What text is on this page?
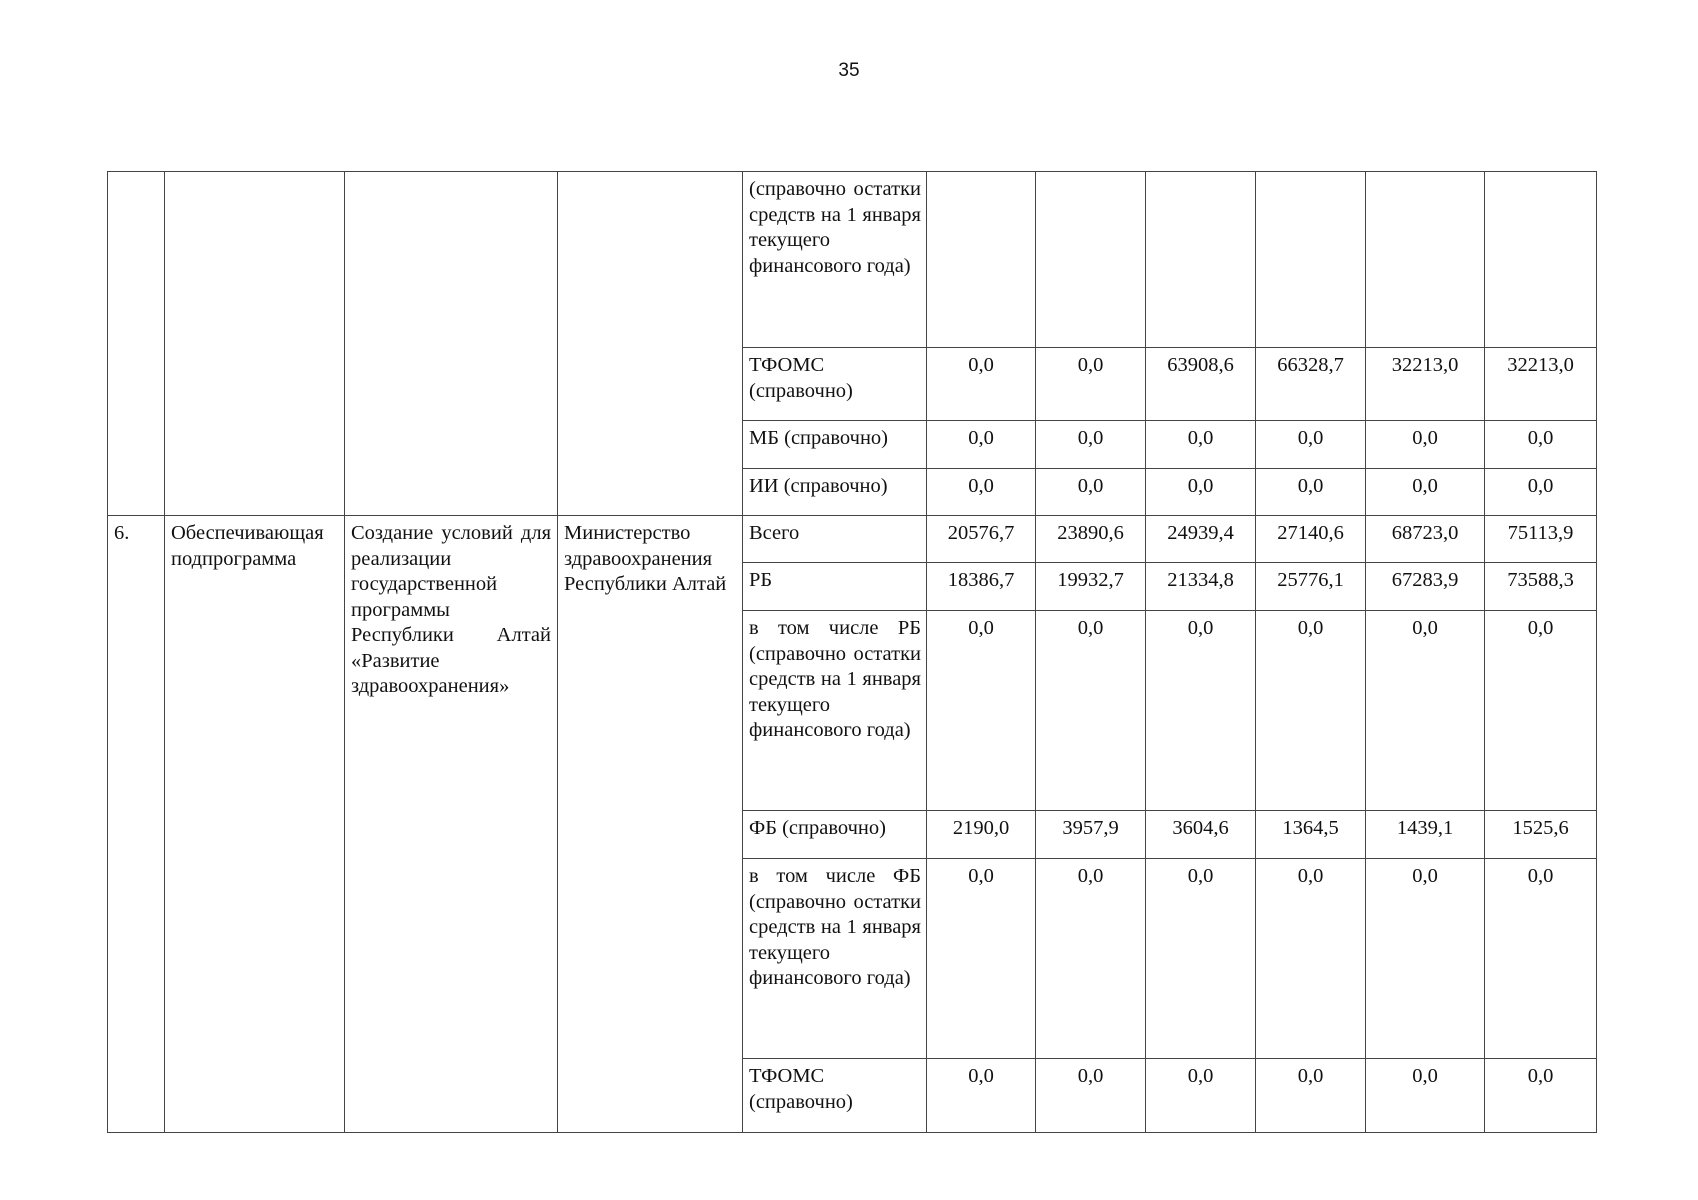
35
				(справочно остатки средств на 1 января текущего финансового года)						
				ТФОМС (справочно)	0,0	0,0	63908,6	66328,7	32213,0	32213,0
				МБ (справочно)	0,0	0,0	0,0	0,0	0,0	0,0
				ИИ (справочно)	0,0	0,0	0,0	0,0	0,0	0,0
6.	Обеспечивающая подпрограмма	Создание условий для реализации государственной программы Республики Алтай «Развитие здравоохранения»	Министерство здравоохранения Республики Алтай	Всего	20576,7	23890,6	24939,4	27140,6	68723,0	75113,9
				РБ	18386,7	19932,7	21334,8	25776,1	67283,9	73588,3
				в том числе РБ (справочно остатки средств на 1 января текущего финансового года)	0,0	0,0	0,0	0,0	0,0	0,0
				ФБ (справочно)	2190,0	3957,9	3604,6	1364,5	1439,1	1525,6
				в том числе ФБ (справочно остатки средств на 1 января текущего финансового года)	0,0	0,0	0,0	0,0	0,0	0,0
				ТФОМС (справочно)	0,0	0,0	0,0	0,0	0,0	0,0
